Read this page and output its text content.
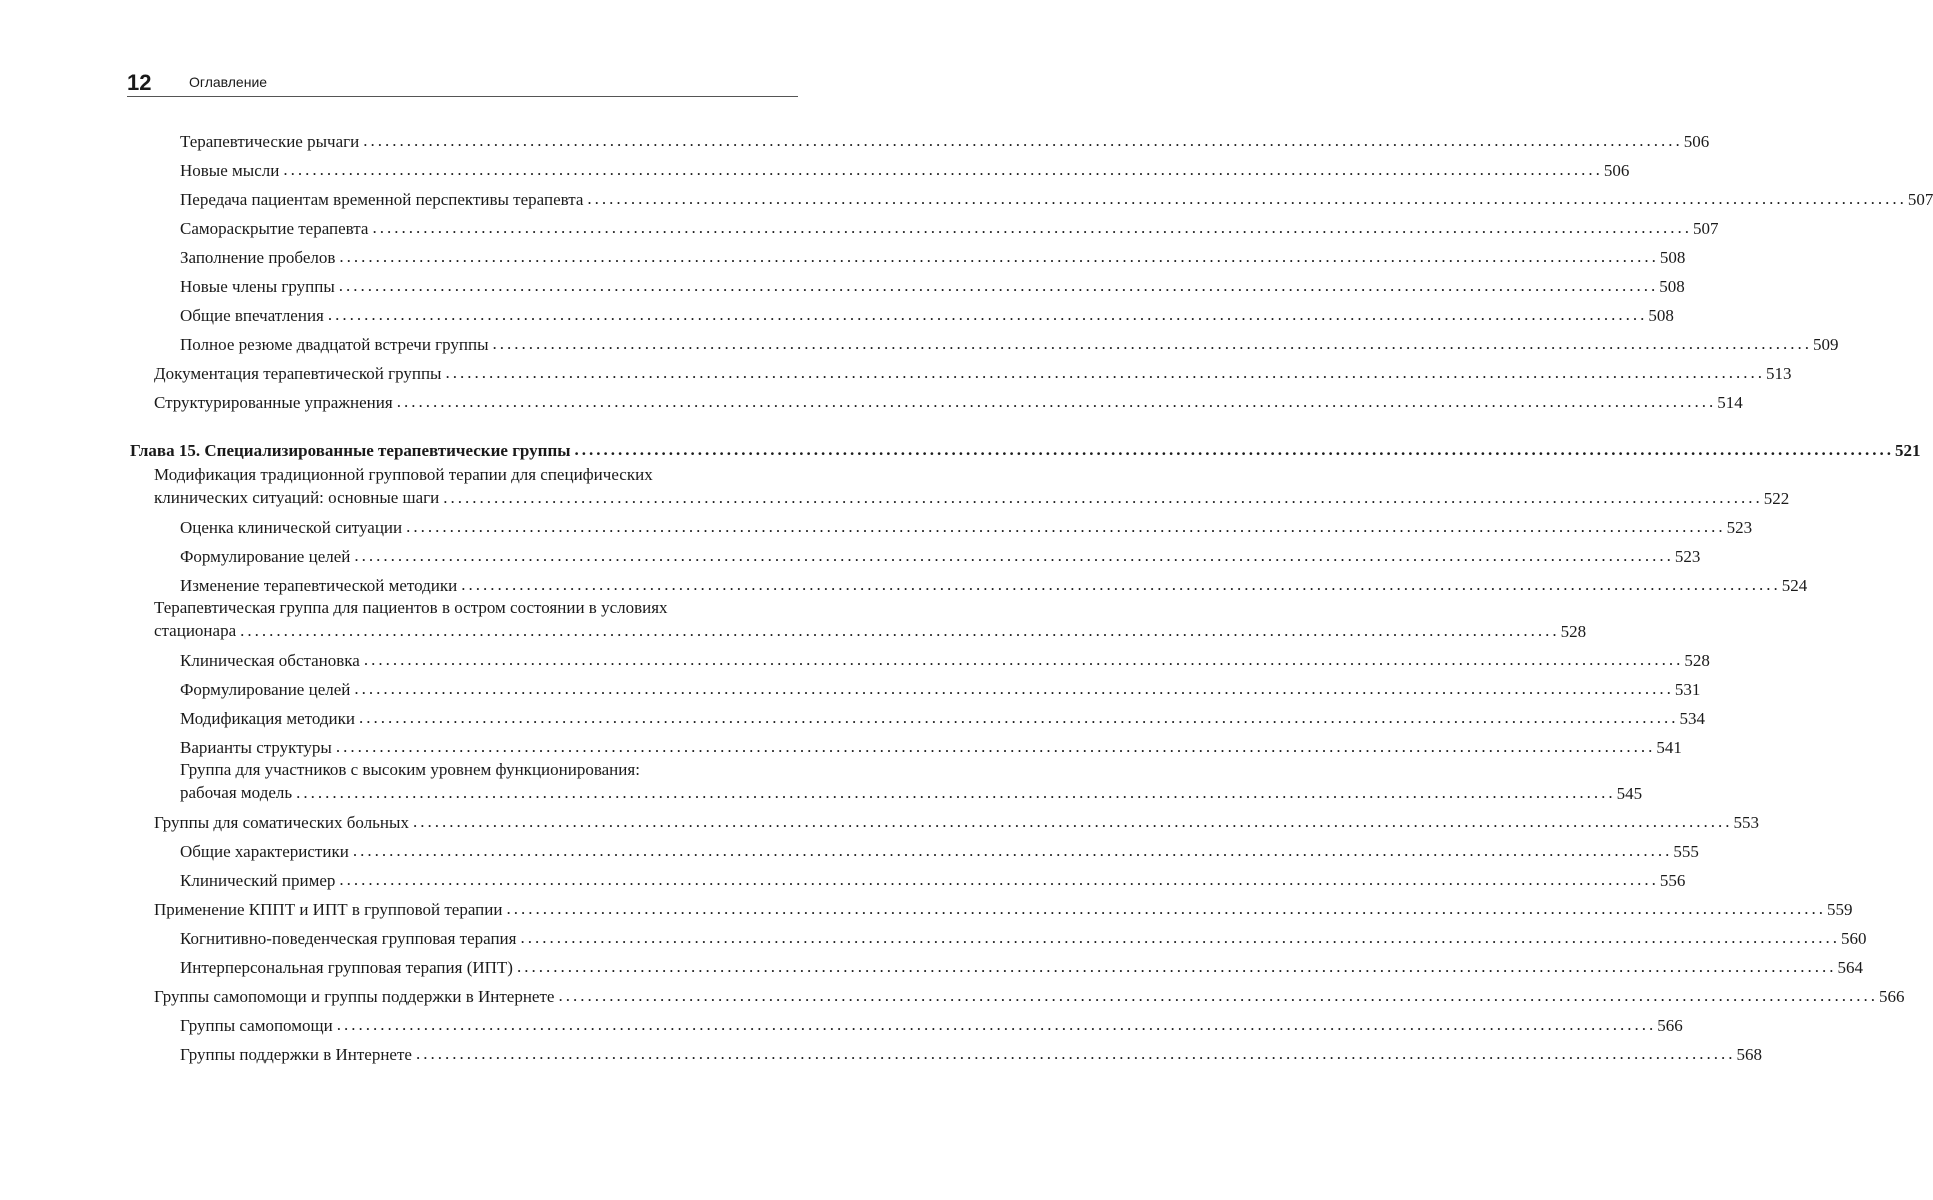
12	Оглавление
Терапевтические рычаги .....	506
Новые мысли .....	506
Передача пациентам временной перспективы терапевта .....	507
Самораскрытие терапевта .....	507
Заполнение пробелов .....	508
Новые члены группы .....	508
Общие впечатления .....	508
Полное резюме двадцатой встречи группы .....	509
Документация терапевтической группы .....	513
Структурированные упражнения .....	514
Глава 15. Специализированные терапевтические группы .....	521
Модификация традиционной групповой терапии для специфических
клинических ситуаций: основные шаги .....	522
Оценка клинической ситуации .....	523
Формулирование целей .....	523
Изменение терапевтической методики .....	524
Терапевтическая группа для пациентов в остром состоянии в условиях
стационара .....	528
Клиническая обстановка .....	528
Формулирование целей .....	531
Модификация методики .....	534
Варианты структуры .....	541
Группа для участников с высоким уровнем функционирования:
рабочая модель .....	545
Группы для соматических больных .....	553
Общие характеристики .....	555
Клинический пример .....	556
Применение КППТ и ИПТ в групповой терапии .....	559
Когнитивно-поведенческая групповая терапия .....	560
Интерперсональная групповая терапия (ИПТ) .....	564
Группы самопомощи и группы поддержки в Интернете .....	566
Группы самопомощи .....	566
Группы поддержки в Интернете .....	568
